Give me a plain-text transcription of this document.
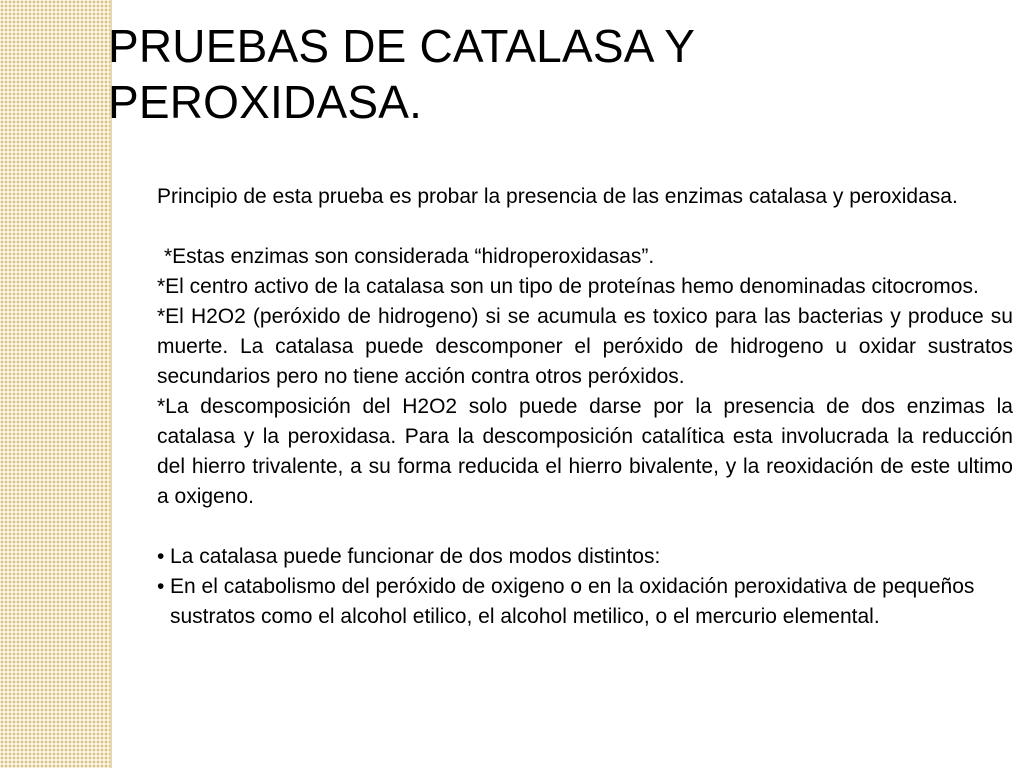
PRUEBAS DE CATALASA Y PEROXIDASA.

Principio de esta prueba es probar la presencia de las enzimas catalasa y peroxidasa.

*Estas enzimas son considerada “hidroperoxidasas”.

*El centro activo de la catalasa son un tipo de proteínas hemo denominadas citocromos.

*El H2O2 (peróxido de hidrogeno) si se acumula es toxico para las bacterias y produce su muerte. La catalasa puede descomponer el peróxido de hidrogeno u oxidar sustratos secundarios pero no tiene acción contra otros peróxidos.

*La descomposición del H2O2 solo puede darse por la presencia de dos enzimas la catalasa y la peroxidasa. Para la descomposición catalítica esta involucrada la reducción del hierro trivalente, a su forma reducida el hierro bivalente, y la reoxidación de este ultimo a oxigeno.

• La catalasa puede funcionar de dos modos distintos:
• En el catabolismo del peróxido de oxigeno o en la oxidación peroxidativa de pequeños sustratos como el alcohol etilico, el alcohol metilico, o el mercurio elemental.
